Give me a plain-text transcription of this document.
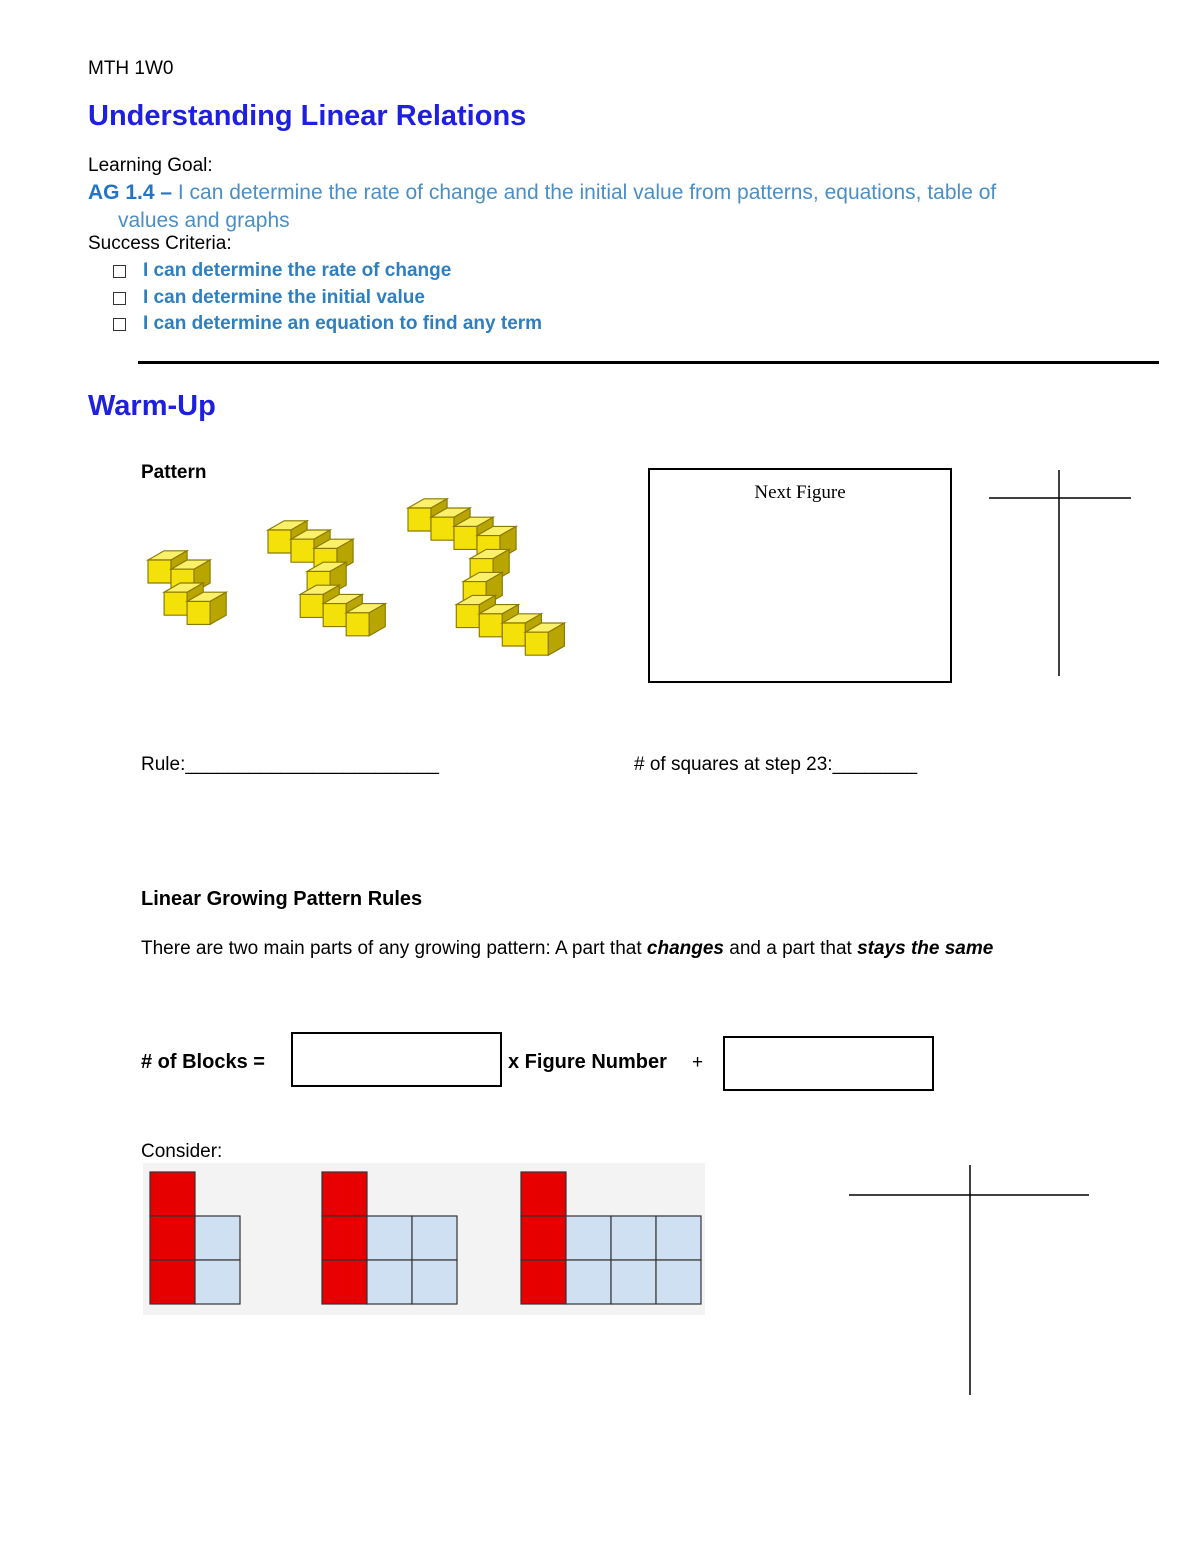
MTH 1W0
Understanding Linear Relations
Learning Goal:
AG 1.4 – I can determine the rate of change and the initial value from patterns, equations, table of
values and graphs
Success Criteria:
I can determine the rate of change
I can determine the initial value
I can determine an equation to find any term
Warm-Up
Pattern
Next Figure
Rule:________________________	# of squares at step 23:________
Linear Growing Pattern Rules
There are two main parts of any growing pattern: A part that changes and a part that stays the same
# of Blocks =	x Figure Number +
Consider:
